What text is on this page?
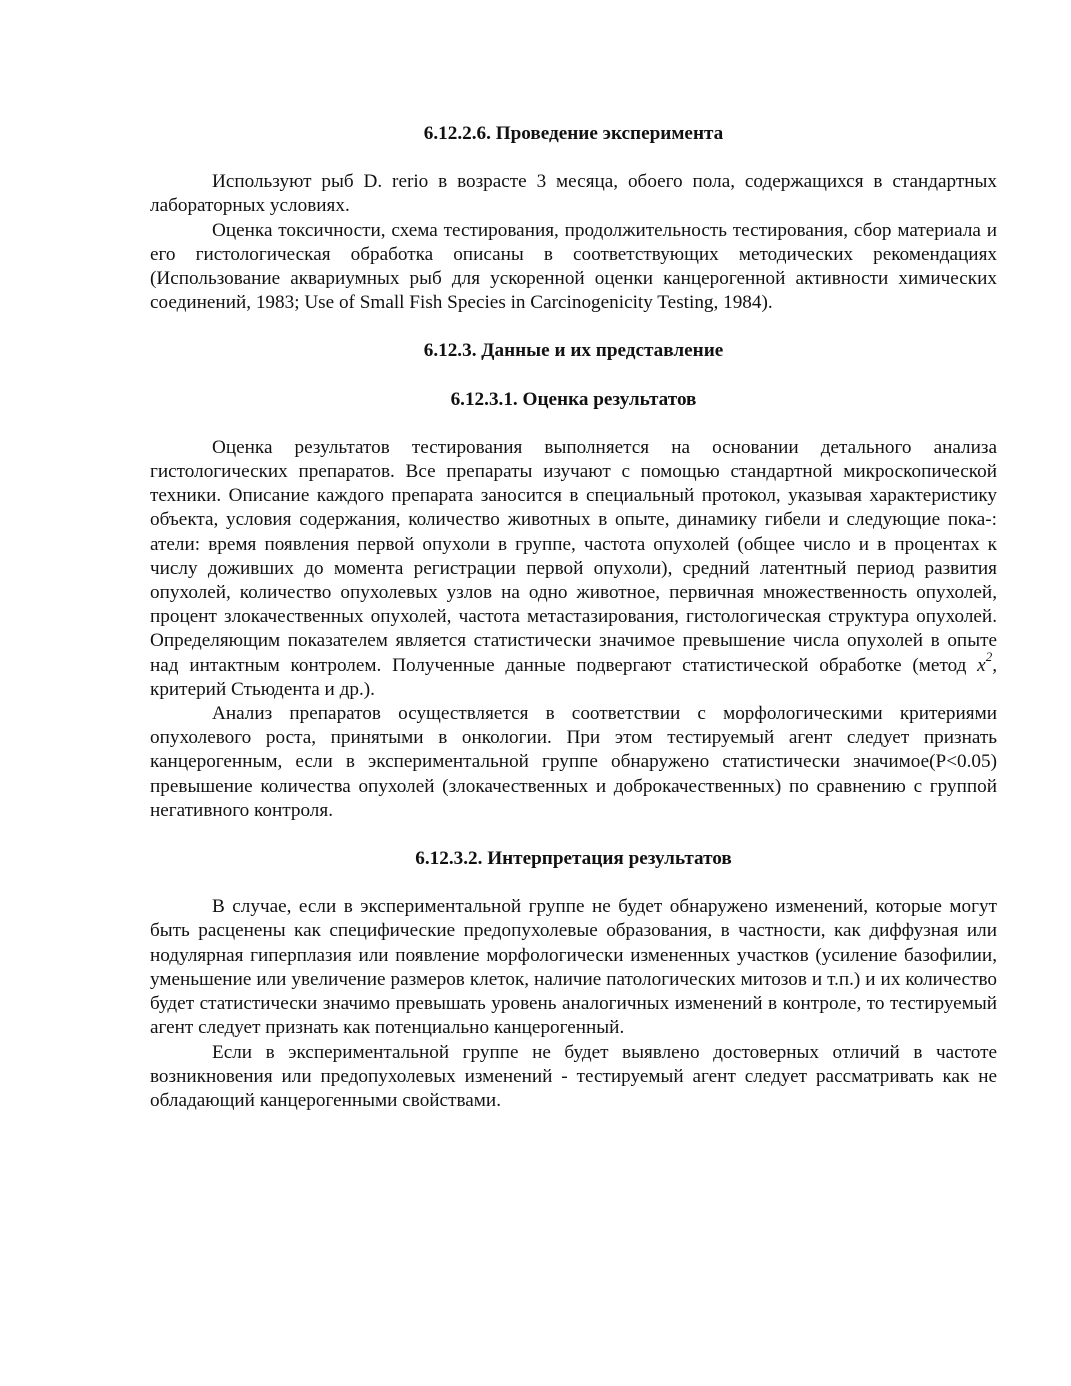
6.12.2.6. Проведение эксперимента

Используют рыб D. rerio в возрасте 3 месяца, обоего пола, содержащихся в стандартных лабораторных условиях.

Оценка токсичности, схема тестирования, продолжительность тестирования, сбор материала и его гистологическая обработка описаны в соответствующих методических рекомендациях (Использование аквариумных рыб для ускоренной оценки канцерогенной активности химических соединений, 1983; Use of Small Fish Species in Carcinogenicity Testing, 1984).

6.12.3. Данные и их представление
6.12.3.1. Оценка результатов

Оценка результатов тестирования выполняется на основании детального анализа гистологических препаратов. Все препараты изучают с помощью стандартной микроскопической техники. Описание каждого препарата заносится в специальный протокол, указывая характеристику объекта, условия содержания, количество животных в опыте, динамику гибели и следующие пока-: атели: время появления первой опухоли в группе, частота опухолей (общее число и в процентах к числу доживших до момента регистрации первой опухоли), средний латентный период развития опухолей, количество опухолевых узлов на одно животное, первичная множественность опухолей, процент злокачественных опухолей, частота метастазирования, гистологическая структура опухолей. Определяющим показателем является статистически значимое превышение числа опухолей в опыте над интактным контролем. Полученные данные подвергают статистической обработке (метод $x^2$, критерий Стьюдента и др.).

Анализ препаратов осуществляется в соответствии с морфологическими критериями опухолевого роста, принятыми в онкологии. При этом тестируемый агент следует признать канцерогенным, если в экспериментальной группе обнаружено статистически значимое(P<0.05) превышение количества опухолей (злокачественных и доброкачественных) по сравнению с группой негативного контроля.

6.12.3.2. Интерпретация результатов

В случае, если в экспериментальной группе не будет обнаружено изменений, которые могут быть расценены как специфические предопухолевые образования, в частности, как диффузная или нодулярная гиперплазия или появление морфологически измененных участков (усиление базофилии, уменьшение или увеличение размеров клеток, наличие патологических митозов и т.п.) и их количество будет статистически значимо превышать уровень аналогичных изменений в контроле, то тестируемый агент следует признать как потенциально канцерогенный.

Если в экспериментальной группе не будет выявлено достоверных отличий в частоте возникновения или предопухолевых изменений - тестируемый агент следует рассматривать как не обладающий канцерогенными свойствами.
